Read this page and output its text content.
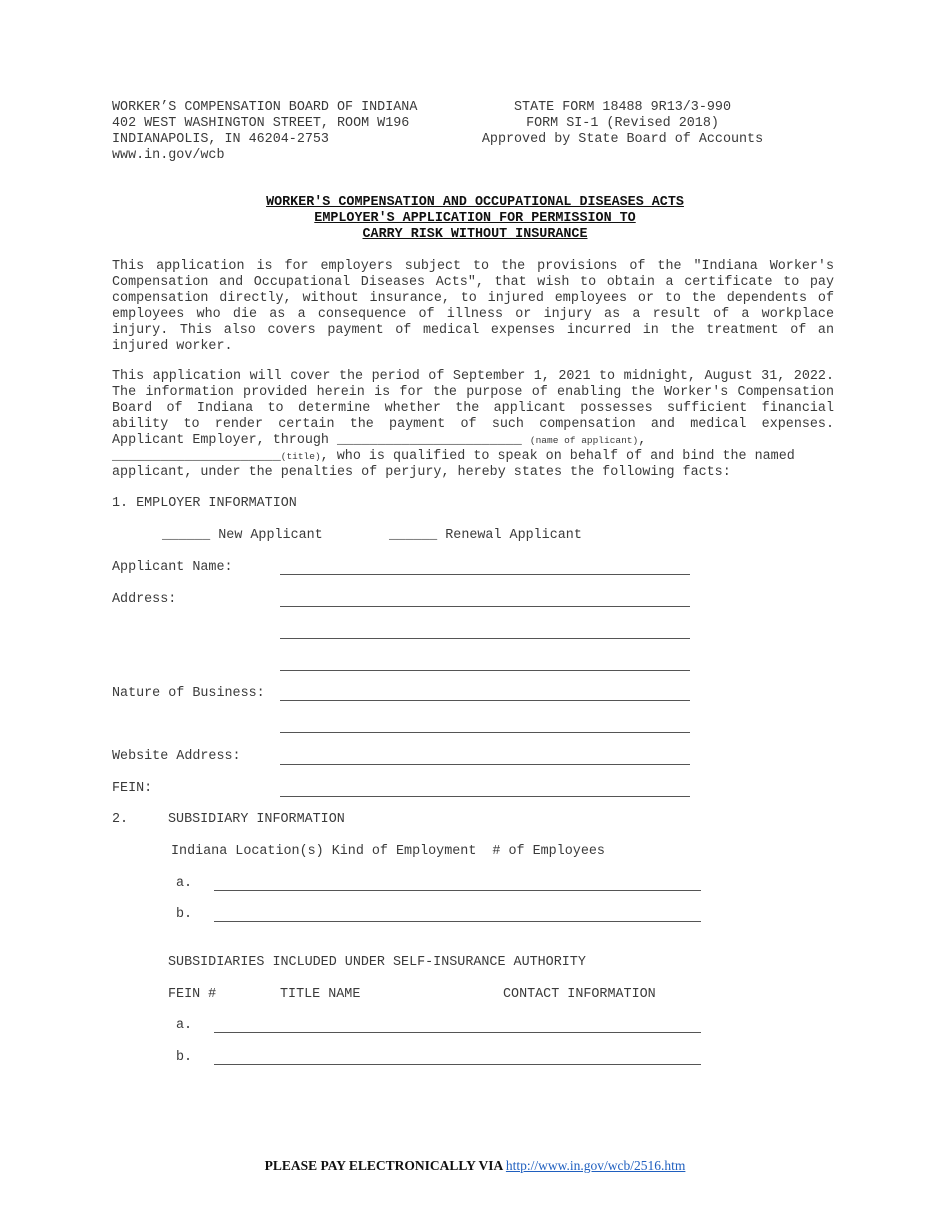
WORKER’S COMPENSATION BOARD OF INDIANA
402 WEST WASHINGTON STREET, ROOM W196
INDIANAPOLIS, IN 46204-2753
www.in.gov/wcb
STATE FORM 18488 9R13/3-990
FORM SI-1 (Revised 2018)
Approved by State Board of Accounts
WORKER'S COMPENSATION AND OCCUPATIONAL DISEASES ACTS
EMPLOYER'S APPLICATION FOR PERMISSION TO
CARRY RISK WITHOUT INSURANCE
This application is for employers subject to the provisions of the "Indiana Worker's Compensation and Occupational Diseases Acts", that wish to obtain a certificate to pay compensation directly, without insurance, to injured employees or to the dependents of employees who die as a consequence of illness or injury as a result of a workplace injury. This also covers payment of medical expenses incurred in the treatment of an injured worker.
This application will cover the period of September 1, 2021 to midnight, August 31, 2022. The information provided herein is for the purpose of enabling the Worker's Compensation Board of Indiana to determine whether the applicant possesses sufficient financial ability to render certain the payment of such compensation and medical expenses. Applicant Employer, through _______________________ (name of applicant),
_____________________(title), who is qualified to speak on behalf of and bind the named
applicant, under the penalties of perjury, hereby states the following facts:
1. EMPLOYER INFORMATION
______ New Applicant	______ Renewal Applicant
Applicant Name:
Address:
Nature of Business:
Website Address:
FEIN:
2.	SUBSIDIARY INFORMATION
Indiana Location(s) Kind of Employment  # of Employees
a.
b.
SUBSIDIARIES INCLUDED UNDER SELF-INSURANCE AUTHORITY
FEIN #	TITLE NAME	CONTACT INFORMATION
a.
b.
PLEASE PAY ELECTRONICALLY VIA http://www.in.gov/wcb/2516.htm
